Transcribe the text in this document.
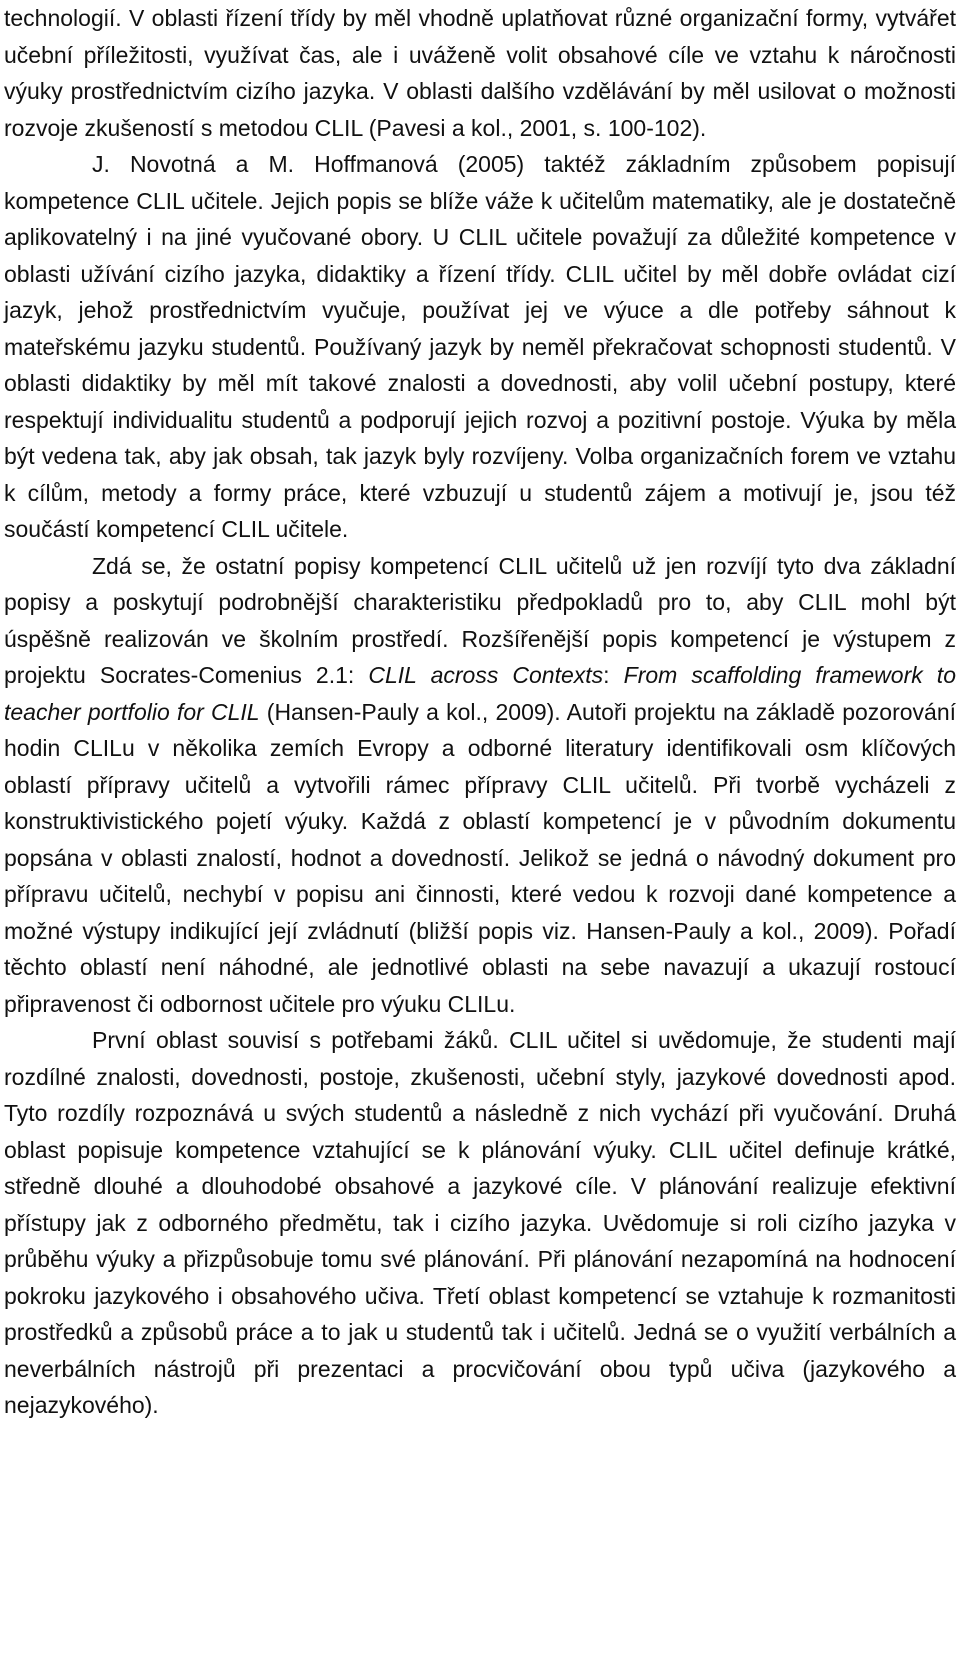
technologií. V oblasti řízení třídy by měl vhodně uplatňovat různé organizační formy, vytvářet učební příležitosti, využívat čas, ale i uváženě volit obsahové cíle ve vztahu k náročnosti výuky prostřednictvím cizího jazyka. V oblasti dalšího vzdělávání by měl usilovat o možnosti rozvoje zkušeností s metodou CLIL (Pavesi a kol., 2001, s. 100-102).

J. Novotná a M. Hoffmanová (2005) taktéž základním způsobem popisují kompetence CLIL učitele. Jejich popis se blíže váže k učitelům matematiky, ale je dostatečně aplikovatelný i na jiné vyučované obory. U CLIL učitele považují za důležité kompetence v oblasti užívání cizího jazyka, didaktiky a řízení třídy. CLIL učitel by měl dobře ovládat cizí jazyk, jehož prostřednictvím vyučuje, používat jej ve výuce a dle potřeby sáhnout k mateřskému jazyku studentů. Používaný jazyk by neměl překračovat schopnosti studentů. V oblasti didaktiky by měl mít takové znalosti a dovednosti, aby volil učební postupy, které respektují individualitu studentů a podporují jejich rozvoj a pozitivní postoje. Výuka by měla být vedena tak, aby jak obsah, tak jazyk byly rozvíjeny. Volba organizačních forem ve vztahu k cílům, metody a formy práce, které vzbuzují u studentů zájem a motivují je, jsou též součástí kompetencí CLIL učitele.

Zdá se, že ostatní popisy kompetencí CLIL učitelů už jen rozvíjí tyto dva základní popisy a poskytují podrobnější charakteristiku předpokladů pro to, aby CLIL mohl být úspěšně realizován ve školním prostředí. Rozšířenější popis kompetencí je výstupem z projektu Socrates-Comenius 2.1: CLIL across Contexts: From scaffolding framework to teacher portfolio for CLIL (Hansen-Pauly a kol., 2009). Autoři projektu na základě pozorování hodin CLILu v několika zemích Evropy a odborné literatury identifikovali osm klíčových oblastí přípravy učitelů a vytvořili rámec přípravy CLIL učitelů. Při tvorbě vycházeli z konstruktivistického pojetí výuky. Každá z oblastí kompetencí je v původním dokumentu popsána v oblasti znalostí, hodnot a dovedností. Jelikož se jedná o návodný dokument pro přípravu učitelů, nechybí v popisu ani činnosti, které vedou k rozvoji dané kompetence a možné výstupy indikující její zvládnutí (bližší popis viz. Hansen-Pauly a kol., 2009). Pořadí těchto oblastí není náhodné, ale jednotlivé oblasti na sebe navazují a ukazují rostoucí připravenost či odbornost učitele pro výuku CLILu.

První oblast souvisí s potřebami žáků. CLIL učitel si uvědomuje, že studenti mají rozdílné znalosti, dovednosti, postoje, zkušenosti, učební styly, jazykové dovednosti apod. Tyto rozdíly rozpoznává u svých studentů a následně z nich vychází při vyučování. Druhá oblast popisuje kompetence vztahující se k plánování výuky. CLIL učitel definuje krátké, středně dlouhé a dlouhodobé obsahové a jazykové cíle. V plánování realizuje efektivní přístupy jak z odborného předmětu, tak i cizího jazyka. Uvědomuje si roli cizího jazyka v průběhu výuky a přizpůsobuje tomu své plánování. Při plánování nezapomíná na hodnocení pokroku jazykového i obsahového učiva. Třetí oblast kompetencí se vztahuje k rozmanitosti prostředků a způsobů práce a to jak u studentů tak i učitelů. Jedná se o využití verbálních a neverbálních nástrojů při prezentaci a procvičování obou typů učiva (jazykového a nejazykového).
